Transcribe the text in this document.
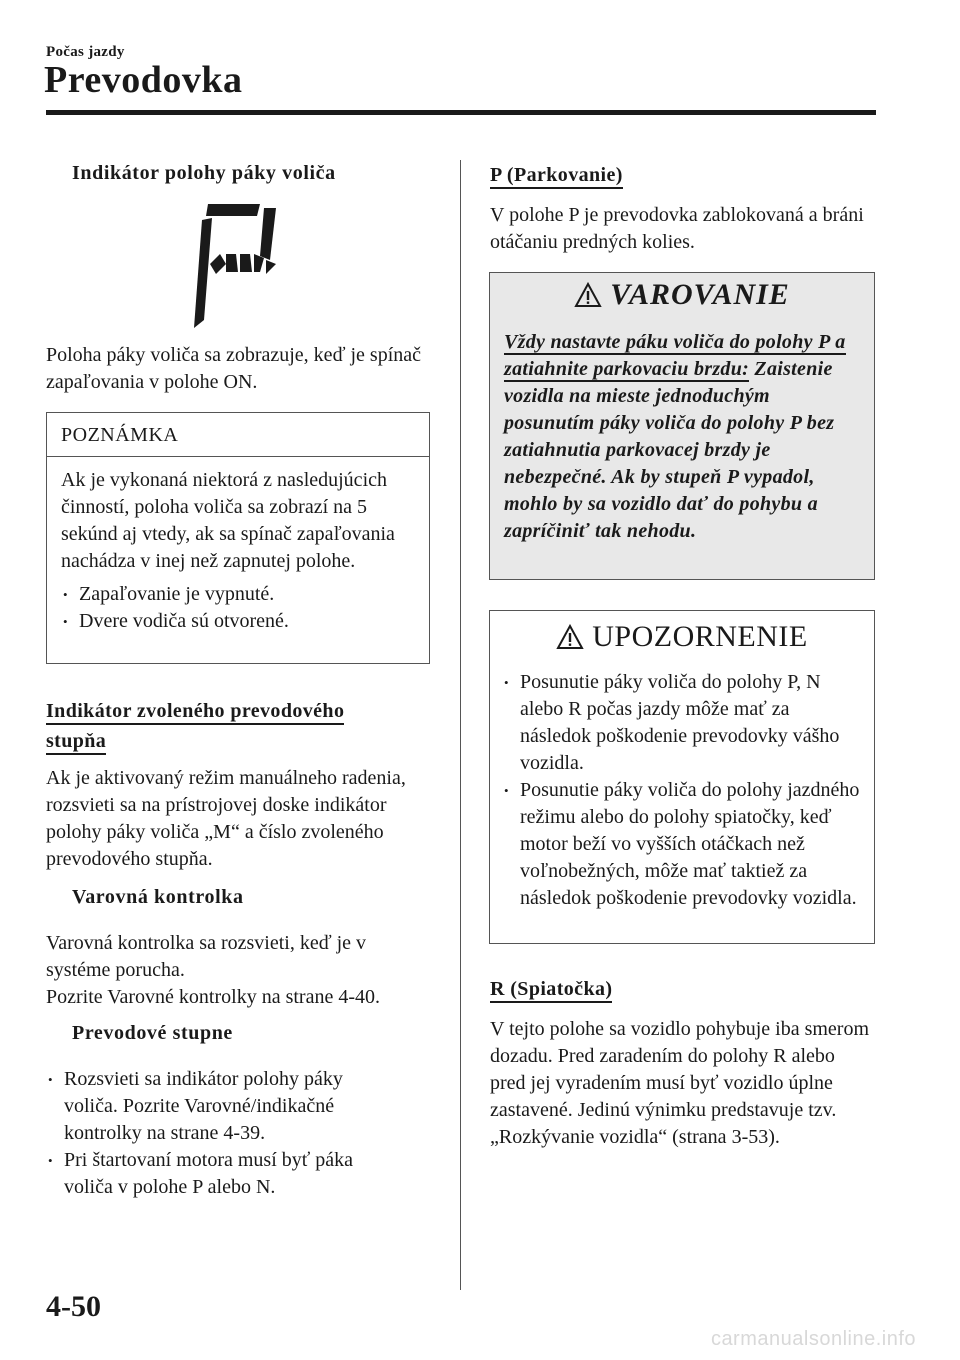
Počas jazdy
Prevodovka
Indikátor polohy páky voliča

Poloha páky voliča sa zobrazuje, keď je spínač zapaľovania v polohe ON.

POZNÁMKA

Ak je vykonaná niektorá z nasledujúcich činností, poloha voliča sa zobrazí na 5 sekúnd aj vtedy, ak sa spínač zapaľovania nachádza v inej než zapnutej polohe.

• Zapaľovanie je vypnuté.
• Dvere vodiča sú otvorené.
Indikátor zvoleného prevodového
stupňa

Ak je aktivovaný režim manuálneho radenia, rozsvieti sa na prístrojovej doske indikátor polohy páky voliča „M“ a číslo zvoleného prevodového stupňa.

Varovná kontrolka

Varovná kontrolka sa rozsvieti, keď je v systéme porucha.

Pozrite Varovné kontrolky na strane 4-40.

Prevodové stupne
• Rozsvieti sa indikátor polohy páky voliča. Pozrite Varovné/indikačné kontrolky na strane 4-39.
• Pri štartovaní motora musí byť páka voliča v polohe P alebo N.
P (Parkovanie)

V polohe P je prevodovka zablokovaná a bráni otáčaniu predných kolies.

VAROVANIE
Vždy nastavte páku voliča do polohy P a zatiahnite parkovaciu brzdu: Zaistenie vozidla na mieste jednoduchým posunutím páky voliča do polohy P bez zatiahnutia parkovacej brzdy je nebezpečné. Ak by stupeň P vypadol, mohlo by sa vozidlo dať do pohybu a zapríčiniť tak nehodu.
UPOZORNENIE
• Posunutie páky voliča do polohy P, N alebo R počas jazdy môže mať za následok poškodenie prevodovky vášho vozidla.
• Posunutie páky voliča do polohy jazdného režimu alebo do polohy spiatočky, keď motor beží vo vyšších otáčkach než voľnobežných, môže mať taktiež za následok poškodenie prevodovky vozidla.
R (Spiatočka)

V tejto polohe sa vozidlo pohybuje iba smerom dozadu. Pred zaradením do polohy R alebo pred jej vyradením musí byť vozidlo úplne zastavené. Jedinú výnimku predstavuje tzv. „Rozkývanie vozidla“ (strana 3-53).

4-50
carmanualsonline.info
